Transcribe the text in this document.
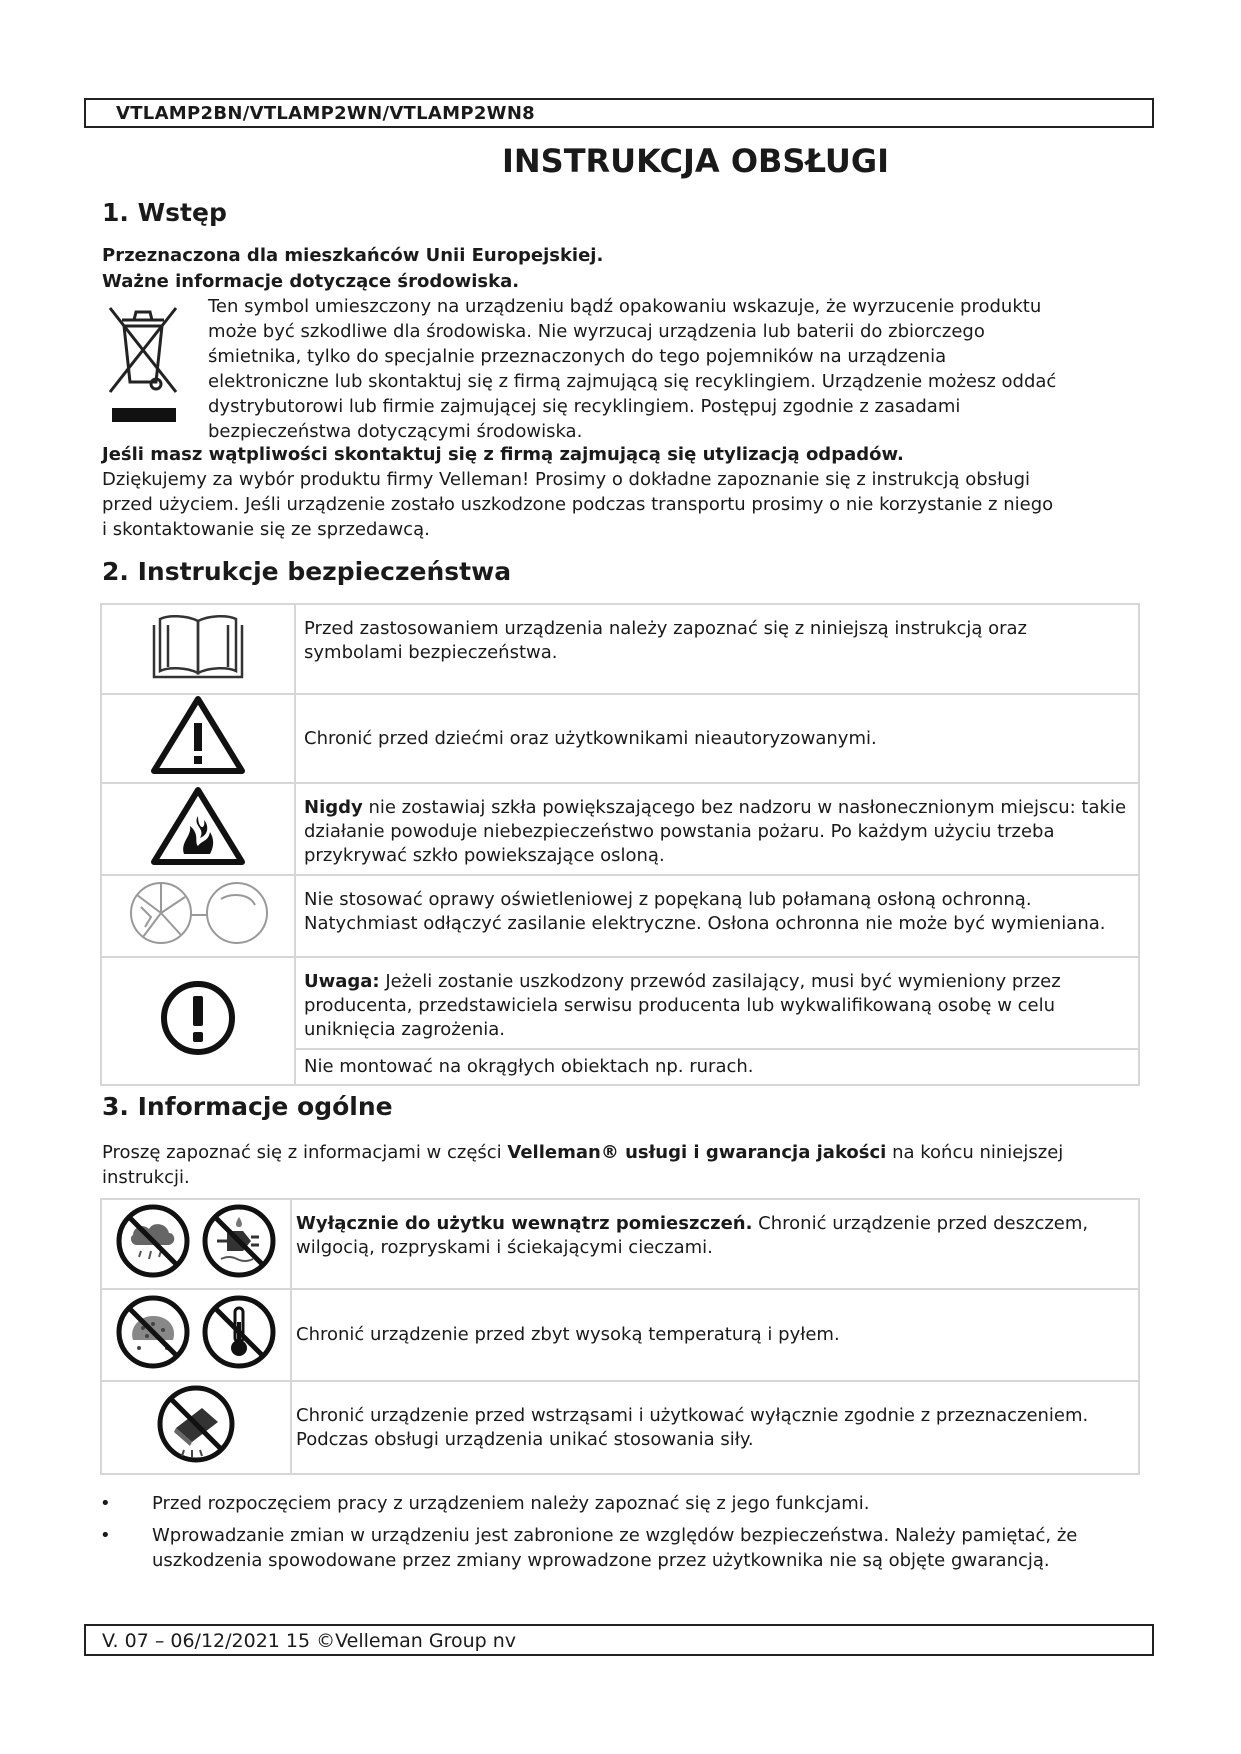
VTLAMP2BN/VTLAMP2WN/VTLAMP2WN8
INSTRUKCJA OBSŁUGI
1. Wstęp
Przeznaczona dla mieszkańców Unii Europejskiej.
Ważne informacje dotyczące środowiska.
Ten symbol umieszczony na urządzeniu bądź opakowaniu wskazuje, że wyrzucenie produktu
może być szkodliwe dla środowiska. Nie wyrzucaj urządzenia lub baterii do zbiorczego
śmietnika, tylko do specjalnie przeznaczonych do tego pojemników na urządzenia
elektroniczne lub skontaktuj się z firmą zajmującą się recyklingiem. Urządzenie możesz oddać
dystrybutorowi lub firmie zajmującej się recyklingiem. Postępuj zgodnie z zasadami
bezpieczeństwa dotyczącymi środowiska.
Jeśli masz wątpliwości skontaktuj się z firmą zajmującą się utylizacją odpadów.
Dziękujemy za wybór produktu firmy Velleman! Prosimy o dokładne zapoznanie się z instrukcją obsługi
przed użyciem. Jeśli urządzenie zostało uszkodzone podczas transportu prosimy o nie korzystanie z niego
i skontaktowanie się ze sprzedawcą.
2. Instrukcje bezpieczeństwa
	Przed zastosowaniem urządzenia należy zapoznać się z niniejszą instrukcją oraz symbolami bezpieczeństwa.
	Chronić przed dziećmi oraz użytkownikami nieautoryzowanymi.
	Nigdy nie zostawiaj szkła powiększającego bez nadzoru w nasłonecznionym miejscu: takie działanie powoduje niebezpieczeństwo powstania pożaru. Po każdym użyciu trzeba przykrywać szkło powiekszające osloną.
	Nie stosować oprawy oświetleniowej z popękaną lub połamaną osłoną ochronną. Natychmiast odłączyć zasilanie elektryczne. Osłona ochronna nie może być wymieniana.
	Uwaga: Jeżeli zostanie uszkodzony przewód zasilający, musi być wymieniony przez producenta, przedstawiciela serwisu producenta lub wykwalifikowaną osobę w celu uniknięcia zagrożenia.
	Nie montować na okrągłych obiektach np. rurach.
3. Informacje ogólne
Proszę zapoznać się z informacjami w części Velleman® usługi i gwarancja jakości na końcu niniejszej instrukcji.
	Wyłącznie do użytku wewnątrz pomieszczeń. Chronić urządzenie przed deszczem, wilgocią, rozpryskami i ściekającymi cieczami.
	Chronić urządzenie przed zbyt wysoką temperaturą i pyłem.
	Chronić urządzenie przed wstrząsami i użytkować wyłącznie zgodnie z przeznaczeniem. Podczas obsługi urządzenia unikać stosowania siły.
• Przed rozpoczęciem pracy z urządzeniem należy zapoznać się z jego funkcjami.
• Wprowadzanie zmian w urządzeniu jest zabronione ze względów bezpieczeństwa. Należy pamiętać, że uszkodzenia spowodowane przez zmiany wprowadzone przez użytkownika nie są objęte gwarancją.
V. 07 – 06/12/2021 15 ©Velleman Group nv
